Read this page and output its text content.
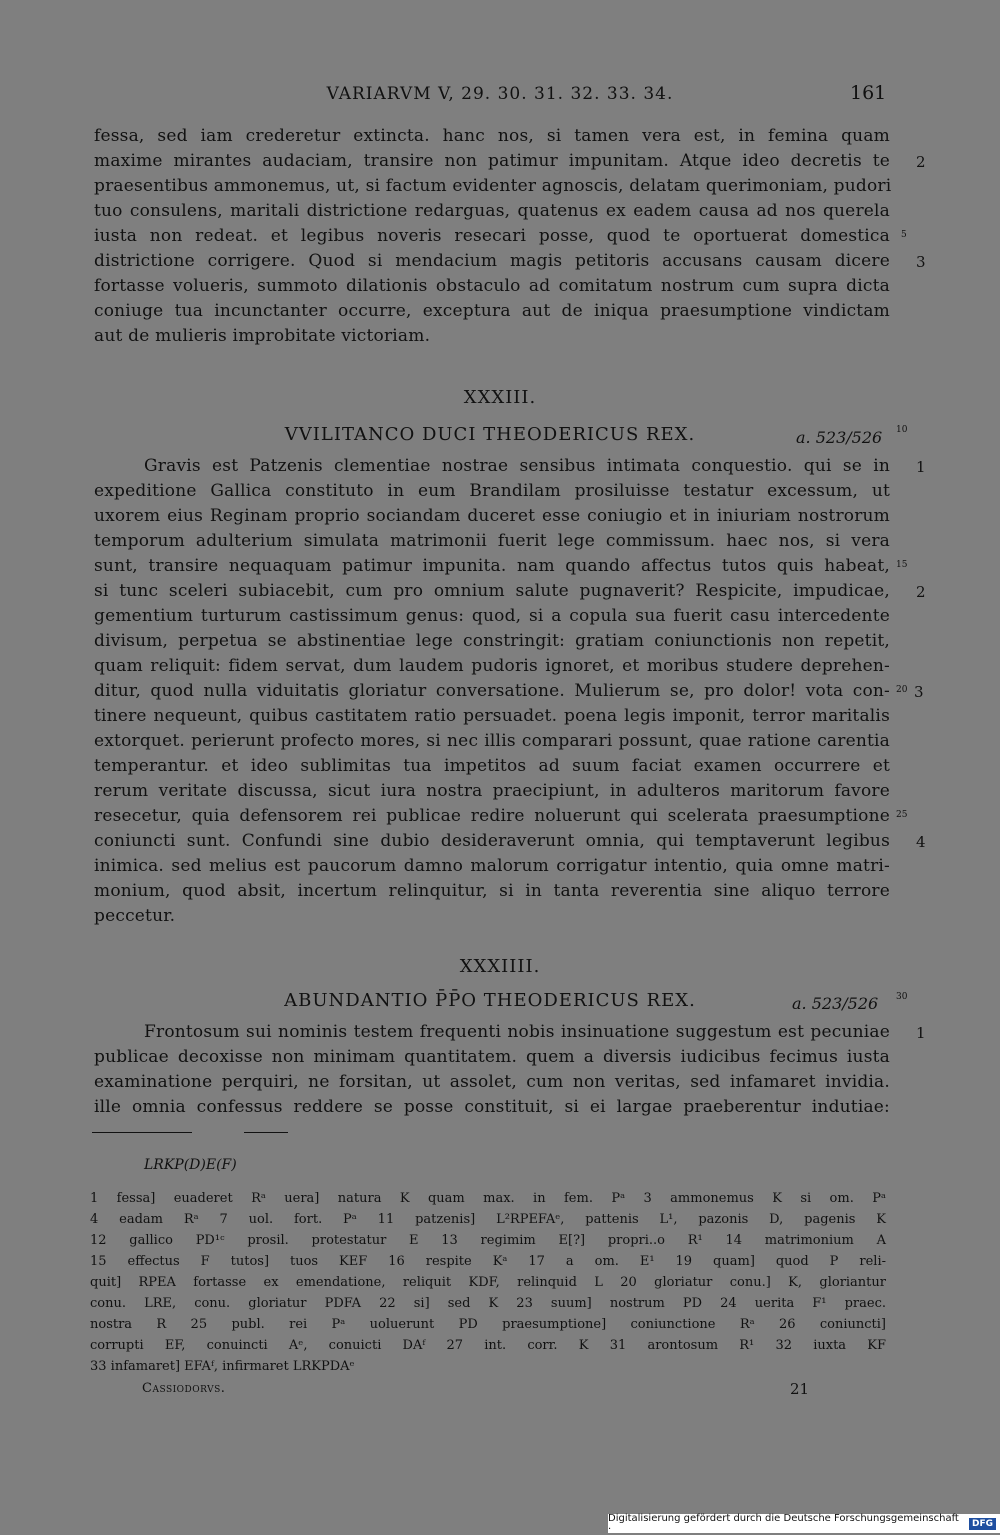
VARIARVM V, 29. 30. 31. 32. 33. 34.	161
fessa, sed iam crederetur extincta. hanc nos, si tamen vera est, in femina quam
maxime mirantes audaciam, transire non patimur impunitam. Atque ideo decretis te
praesentibus ammonemus, ut, si factum evidenter agnoscis, delatam querimoniam, pudori
tuo consulens, maritali districtione redarguas, quatenus ex eadem causa ad nos querela
iusta non redeat. et legibus noveris resecari posse, quod te oportuerat domestica
districtione corrigere. Quod si mendacium magis petitoris accusans causam dicere
fortasse volueris, summoto dilationis obstaculo ad comitatum nostrum cum supra dicta
coniuge tua incunctanter occurre, exceptura aut de iniqua praesumptione vindictam
aut de mulieris improbitate victoriam.
XXXIII.
VVILITANCO DUCI THEODERICUS REX.	a. 523/526
Gravis est Patzenis clementiae nostrae sensibus intimata conquestio. qui se in
expeditione Gallica constituto in eum Brandilam prosiluisse testatur excessum, ut
uxorem eius Reginam proprio sociandam duceret esse coniugio et in iniuriam nostrorum
temporum adulterium simulata matrimonii fuerit lege commissum. haec nos, si vera
sunt, transire nequaquam patimur impunita. nam quando affectus tutos quis habeat,
si tunc sceleri subiacebit, cum pro omnium salute pugnaverit? Respicite, impudicae,
gementium turturum castissimum genus: quod, si a copula sua fuerit casu intercedente
divisum, perpetua se abstinentiae lege constringit: gratiam coniunctionis non repetit,
quam reliquit: fidem servat, dum laudem pudoris ignoret, et moribus studere deprehen-
ditur, quod nulla viduitatis gloriatur conversatione. Mulierum se, pro dolor! vota con-
tinere nequeunt, quibus castitatem ratio persuadet. poena legis imponit, terror maritalis
extorquet. perierunt profecto mores, si nec illis comparari possunt, quae ratione carentia
temperantur. et ideo sublimitas tua impetitos ad suum faciat examen occurrere et
rerum veritate discussa, sicut iura nostra praecipiunt, in adulteros maritorum favore
resecetur, quia defensorem rei publicae redire noluerunt qui scelerata praesumptione
coniuncti sunt. Confundi sine dubio desideraverunt omnia, qui temptaverunt legibus
inimica. sed melius est paucorum damno malorum corrigatur intentio, quia omne matri-
monium, quod absit, incertum relinquitur, si in tanta reverentia sine aliquo terrore
peccetur.
XXXIIII.
ABUNDANTIO P̄P̄O THEODERICUS REX.	a. 523/526
Frontosum sui nominis testem frequenti nobis insinuatione suggestum est pecuniae
publicae decoxisse non minimam quantitatem. quem a diversis iudicibus fecimus iusta
examinatione perquiri, ne forsitan, ut assolet, cum non veritas, sed infamaret invidia.
ille omnia confessus reddere se posse constituit, si ei largae praeberentur indutiae:
2
5
3
10
1
15
2
20 3
25
4
30
1
LRKP(D)E(F)
1 fessa] euaderet Rᵃ uera] natura K quam max. in fem. Pᵃ 3 ammonemus K si om. Pᵃ
4 eadam Rᵃ 7 uol. fort. Pᵃ 11 patzenis] L²RPEFAᵉ, pattenis L¹, pazonis D, pagenis K
12 gallico PD¹ᶜ prosil. protestatur E 13 regimim E[?] propri..o R¹ 14 matrimonium A
15 effectus F tutos] tuos KEF 16 respite Kᵃ 17 a om. E¹ 19 quam] quod P reli-
quit] RPEA fortasse ex emendatione, reliquit KDF, relinquid L 20 gloriatur conu.] K, gloriantur
conu. LRE, conu. gloriatur PDFA 22 si] sed K 23 suum] nostrum PD 24 uerita F¹ praec.
nostra R 25 publ. rei Pᵃ uoluerunt PD praesumptione] coniunctione Rᵃ 26 coniuncti]
corrupti EF, conuincti Aᵉ, conuicti DAᶠ 27 int. corr. K 31 arontosum R¹ 32 iuxta KF
33 infamaret] EFAᶠ, infirmaret LRKPDAᵉ
Cassiodorvs.	21
Digitalisierung gefördert durch die Deutsche Forschungsgemeinschaft ·	DFG
